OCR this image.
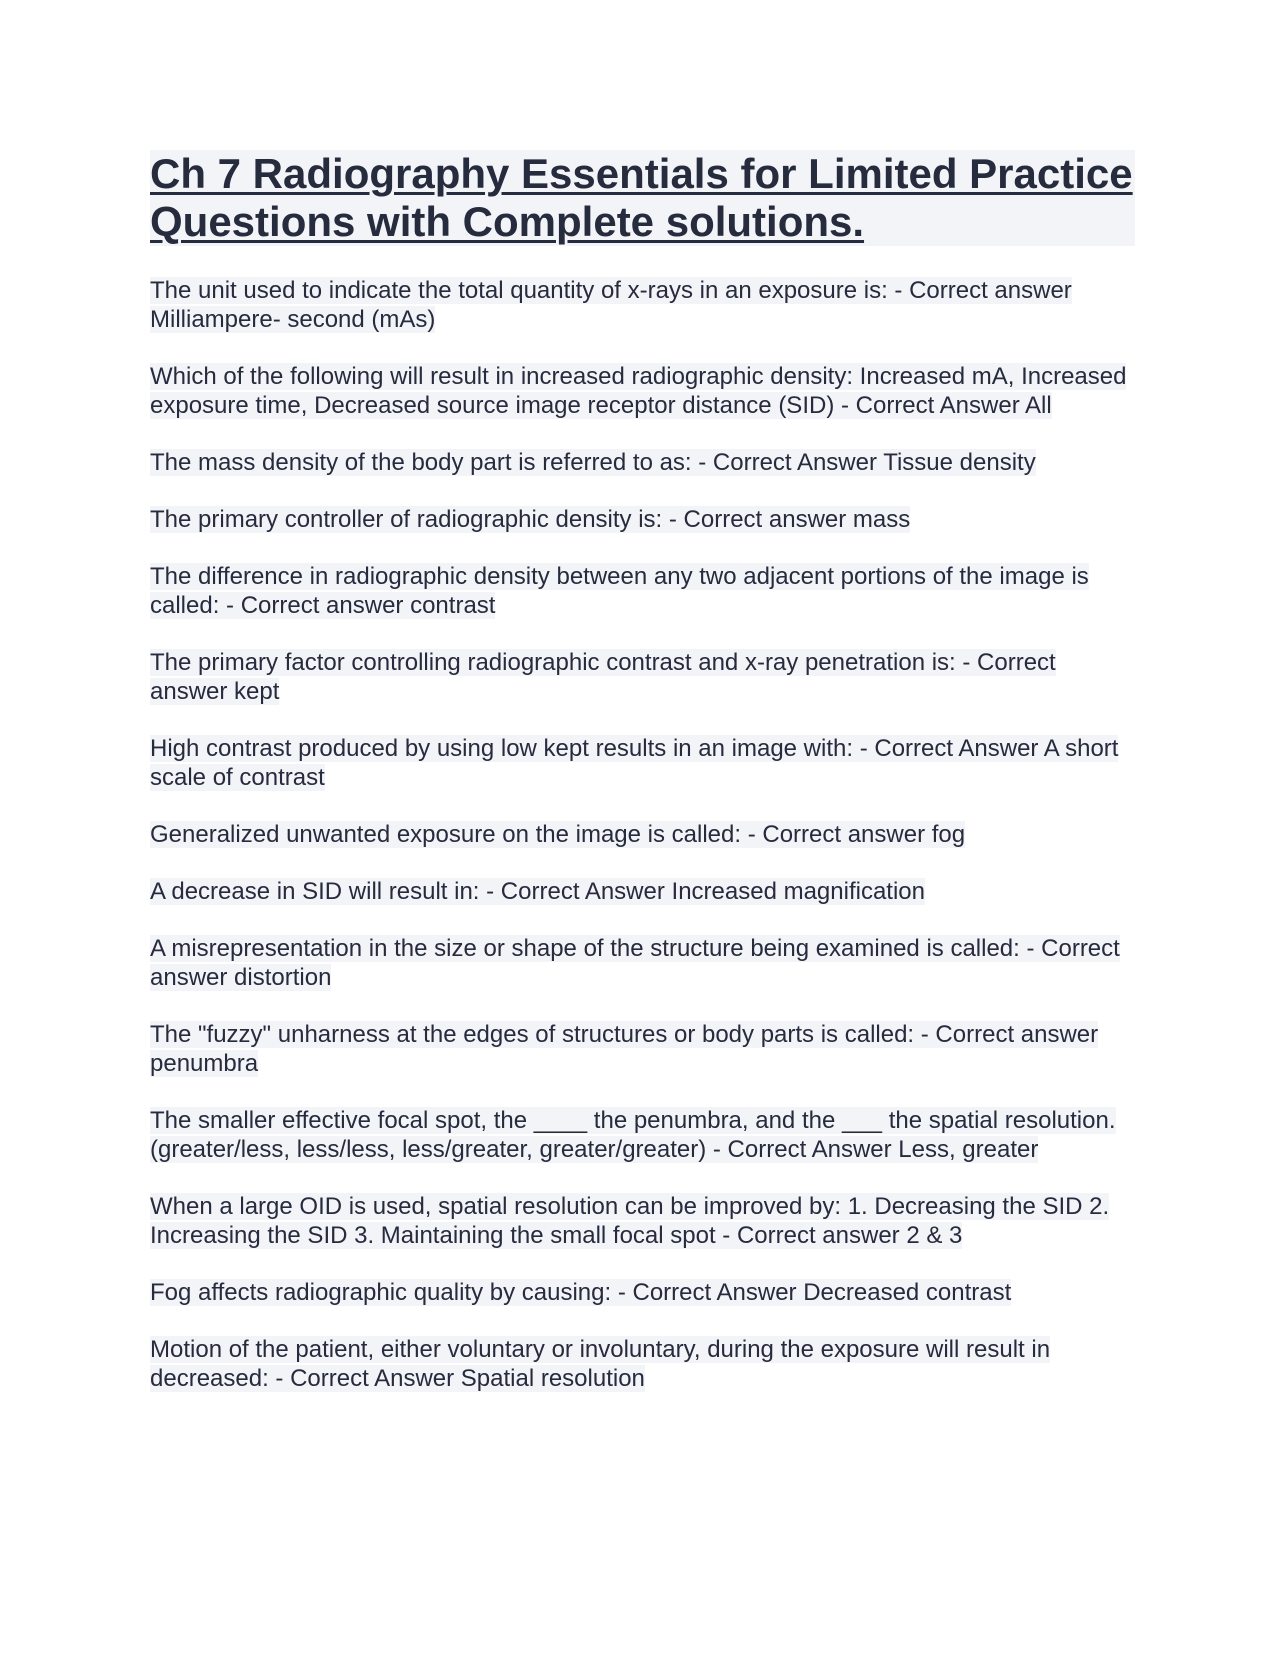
Ch 7 Radiography Essentials for Limited Practice Questions with Complete solutions.
The unit used to indicate the total quantity of x-rays in an exposure is: - Correct answer Milliampere- second (mAs)
Which of the following will result in increased radiographic density: Increased mA, Increased exposure time, Decreased source image receptor distance (SID) - Correct Answer All
The mass density of the body part is referred to as: - Correct Answer Tissue density
The primary controller of radiographic density is: - Correct answer mass
The difference in radiographic density between any two adjacent portions of the image is called: - Correct answer contrast
The primary factor controlling radiographic contrast and x-ray penetration is: - Correct answer kept
High contrast produced by using low kept results in an image with: - Correct Answer A short scale of contrast
Generalized unwanted exposure on the image is called: - Correct answer fog
A decrease in SID will result in: - Correct Answer Increased magnification
A misrepresentation in the size or shape of the structure being examined is called: - Correct answer distortion
The "fuzzy" unharness at the edges of structures or body parts is called: - Correct answer penumbra
The smaller effective focal spot, the ____ the penumbra, and the ___ the spatial resolution. (greater/less, less/less, less/greater, greater/greater) - Correct Answer Less, greater
When a large OID is used, spatial resolution can be improved by: 1. Decreasing the SID 2. Increasing the SID 3. Maintaining the small focal spot - Correct answer 2 & 3
Fog affects radiographic quality by causing: - Correct Answer Decreased contrast
Motion of the patient, either voluntary or involuntary, during the exposure will result in decreased: - Correct Answer Spatial resolution
